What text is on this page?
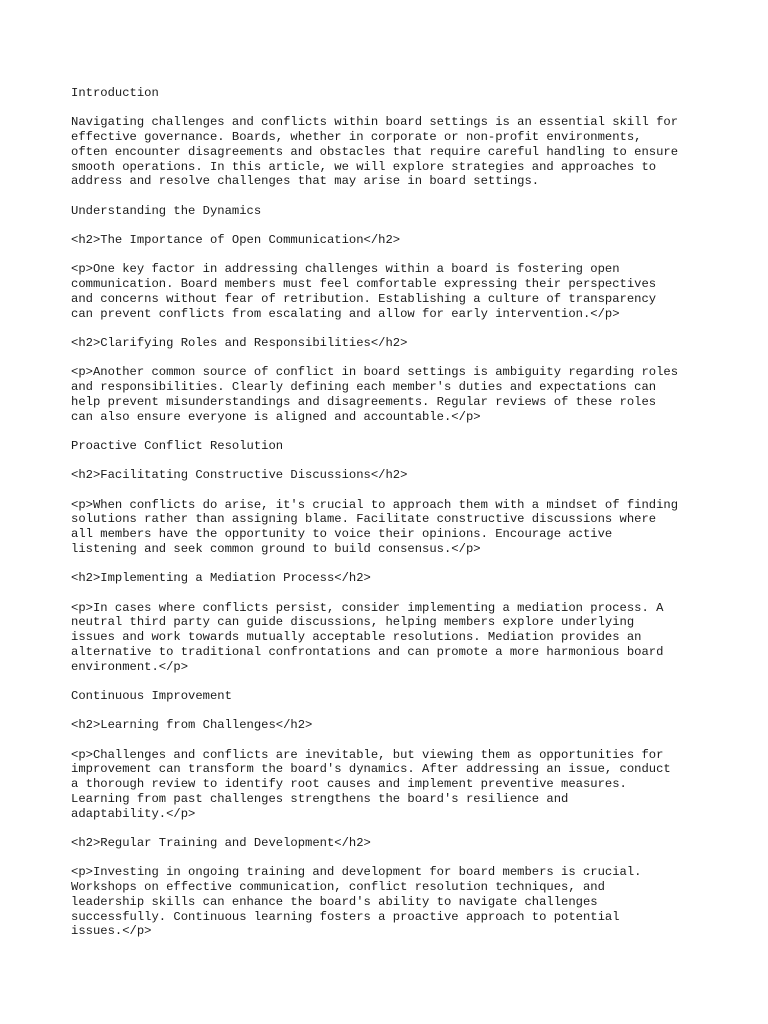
Introduction
Navigating challenges and conflicts within board settings is an essential skill for
effective governance. Boards, whether in corporate or non-profit environments,
often encounter disagreements and obstacles that require careful handling to ensure
smooth operations. In this article, we will explore strategies and approaches to
address and resolve challenges that may arise in board settings.
Understanding the Dynamics
<h2>The Importance of Open Communication</h2>
<p>One key factor in addressing challenges within a board is fostering open
communication. Board members must feel comfortable expressing their perspectives
and concerns without fear of retribution. Establishing a culture of transparency
can prevent conflicts from escalating and allow for early intervention.</p>
<h2>Clarifying Roles and Responsibilities</h2>
<p>Another common source of conflict in board settings is ambiguity regarding roles
and responsibilities. Clearly defining each member's duties and expectations can
help prevent misunderstandings and disagreements. Regular reviews of these roles
can also ensure everyone is aligned and accountable.</p>
Proactive Conflict Resolution
<h2>Facilitating Constructive Discussions</h2>
<p>When conflicts do arise, it's crucial to approach them with a mindset of finding
solutions rather than assigning blame. Facilitate constructive discussions where
all members have the opportunity to voice their opinions. Encourage active
listening and seek common ground to build consensus.</p>
<h2>Implementing a Mediation Process</h2>
<p>In cases where conflicts persist, consider implementing a mediation process. A
neutral third party can guide discussions, helping members explore underlying
issues and work towards mutually acceptable resolutions. Mediation provides an
alternative to traditional confrontations and can promote a more harmonious board
environment.</p>
Continuous Improvement
<h2>Learning from Challenges</h2>
<p>Challenges and conflicts are inevitable, but viewing them as opportunities for
improvement can transform the board's dynamics. After addressing an issue, conduct
a thorough review to identify root causes and implement preventive measures.
Learning from past challenges strengthens the board's resilience and
adaptability.</p>
<h2>Regular Training and Development</h2>
<p>Investing in ongoing training and development for board members is crucial.
Workshops on effective communication, conflict resolution techniques, and
leadership skills can enhance the board's ability to navigate challenges
successfully. Continuous learning fosters a proactive approach to potential
issues.</p>
